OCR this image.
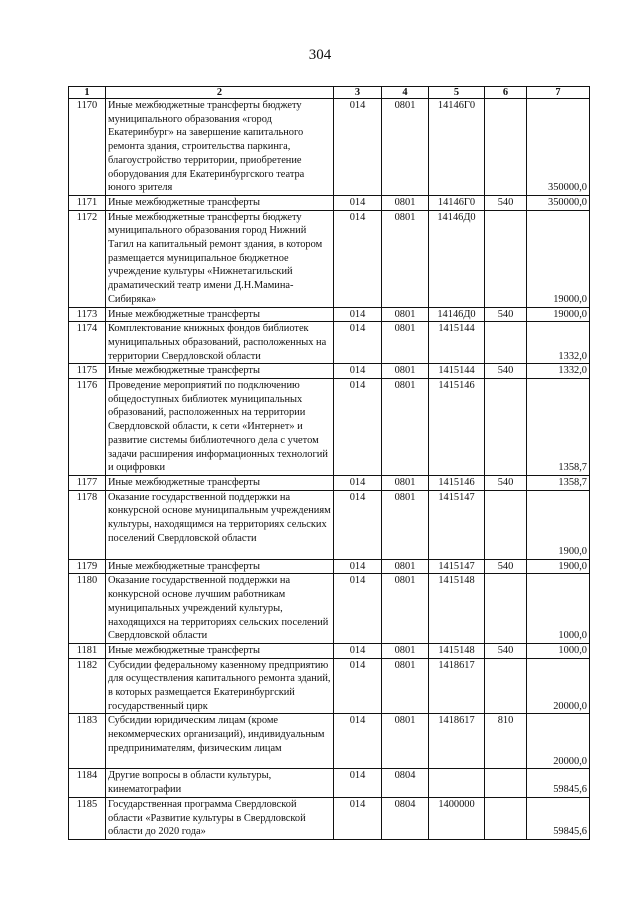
304
1	2	3	4	5	6	7
1170	Иные межбюджетные трансферты бюджету муниципального образования «город Екатеринбург» на завершение капитального ремонта здания, строительства паркинга, благоустройство территории, приобретение оборудования для Екатеринбургского театра юного зрителя	014	0801	14146Г0		350000,0
1171	Иные межбюджетные трансферты	014	0801	14146Г0	540	350000,0
1172	Иные межбюджетные трансферты бюджету муниципального образования город Нижний Тагил на капитальный ремонт здания, в котором размещается муниципальное бюджетное учреждение культуры «Нижнетагильский драматический театр имени Д.Н.Мамина-Сибиряка»	014	0801	14146Д0		19000,0
1173	Иные межбюджетные трансферты	014	0801	14146Д0	540	19000,0
1174	Комплектование книжных фондов библиотек муниципальных образований, расположенных на территории Свердловской области	014	0801	1415144		1332,0
1175	Иные межбюджетные трансферты	014	0801	1415144	540	1332,0
1176	Проведение мероприятий по подключению общедоступных библиотек муниципальных образований, расположенных на территории Свердловской области, к сети «Интернет» и развитие системы библиотечного дела с учетом задачи расширения информационных технологий и оцифровки	014	0801	1415146		1358,7
1177	Иные межбюджетные трансферты	014	0801	1415146	540	1358,7
1178	Оказание государственной поддержки на конкурсной основе муниципальным учреждениям культуры, находящимся на территориях сельских поселений Свердловской области	014	0801	1415147		1900,0
1179	Иные межбюджетные трансферты	014	0801	1415147	540	1900,0
1180	Оказание государственной поддержки на конкурсной основе лучшим работникам муниципальных учреждений культуры, находящихся на территориях сельских поселений Свердловской области	014	0801	1415148		1000,0
1181	Иные межбюджетные трансферты	014	0801	1415148	540	1000,0
1182	Субсидии федеральному казенному предприятию для осуществления капитального ремонта зданий, в которых размещается Екатеринбургский государственный цирк	014	0801	1418617		20000,0
1183	Субсидии юридическим лицам (кроме некоммерческих организаций), индивидуальным предпринимателям, физическим лицам	014	0801	1418617	810	20000,0
1184	Другие вопросы в области культуры, кинематографии	014	0804			59845,6
1185	Государственная программа Свердловской области «Развитие культуры в Свердловской области до 2020 года»	014	0804	1400000		59845,6
